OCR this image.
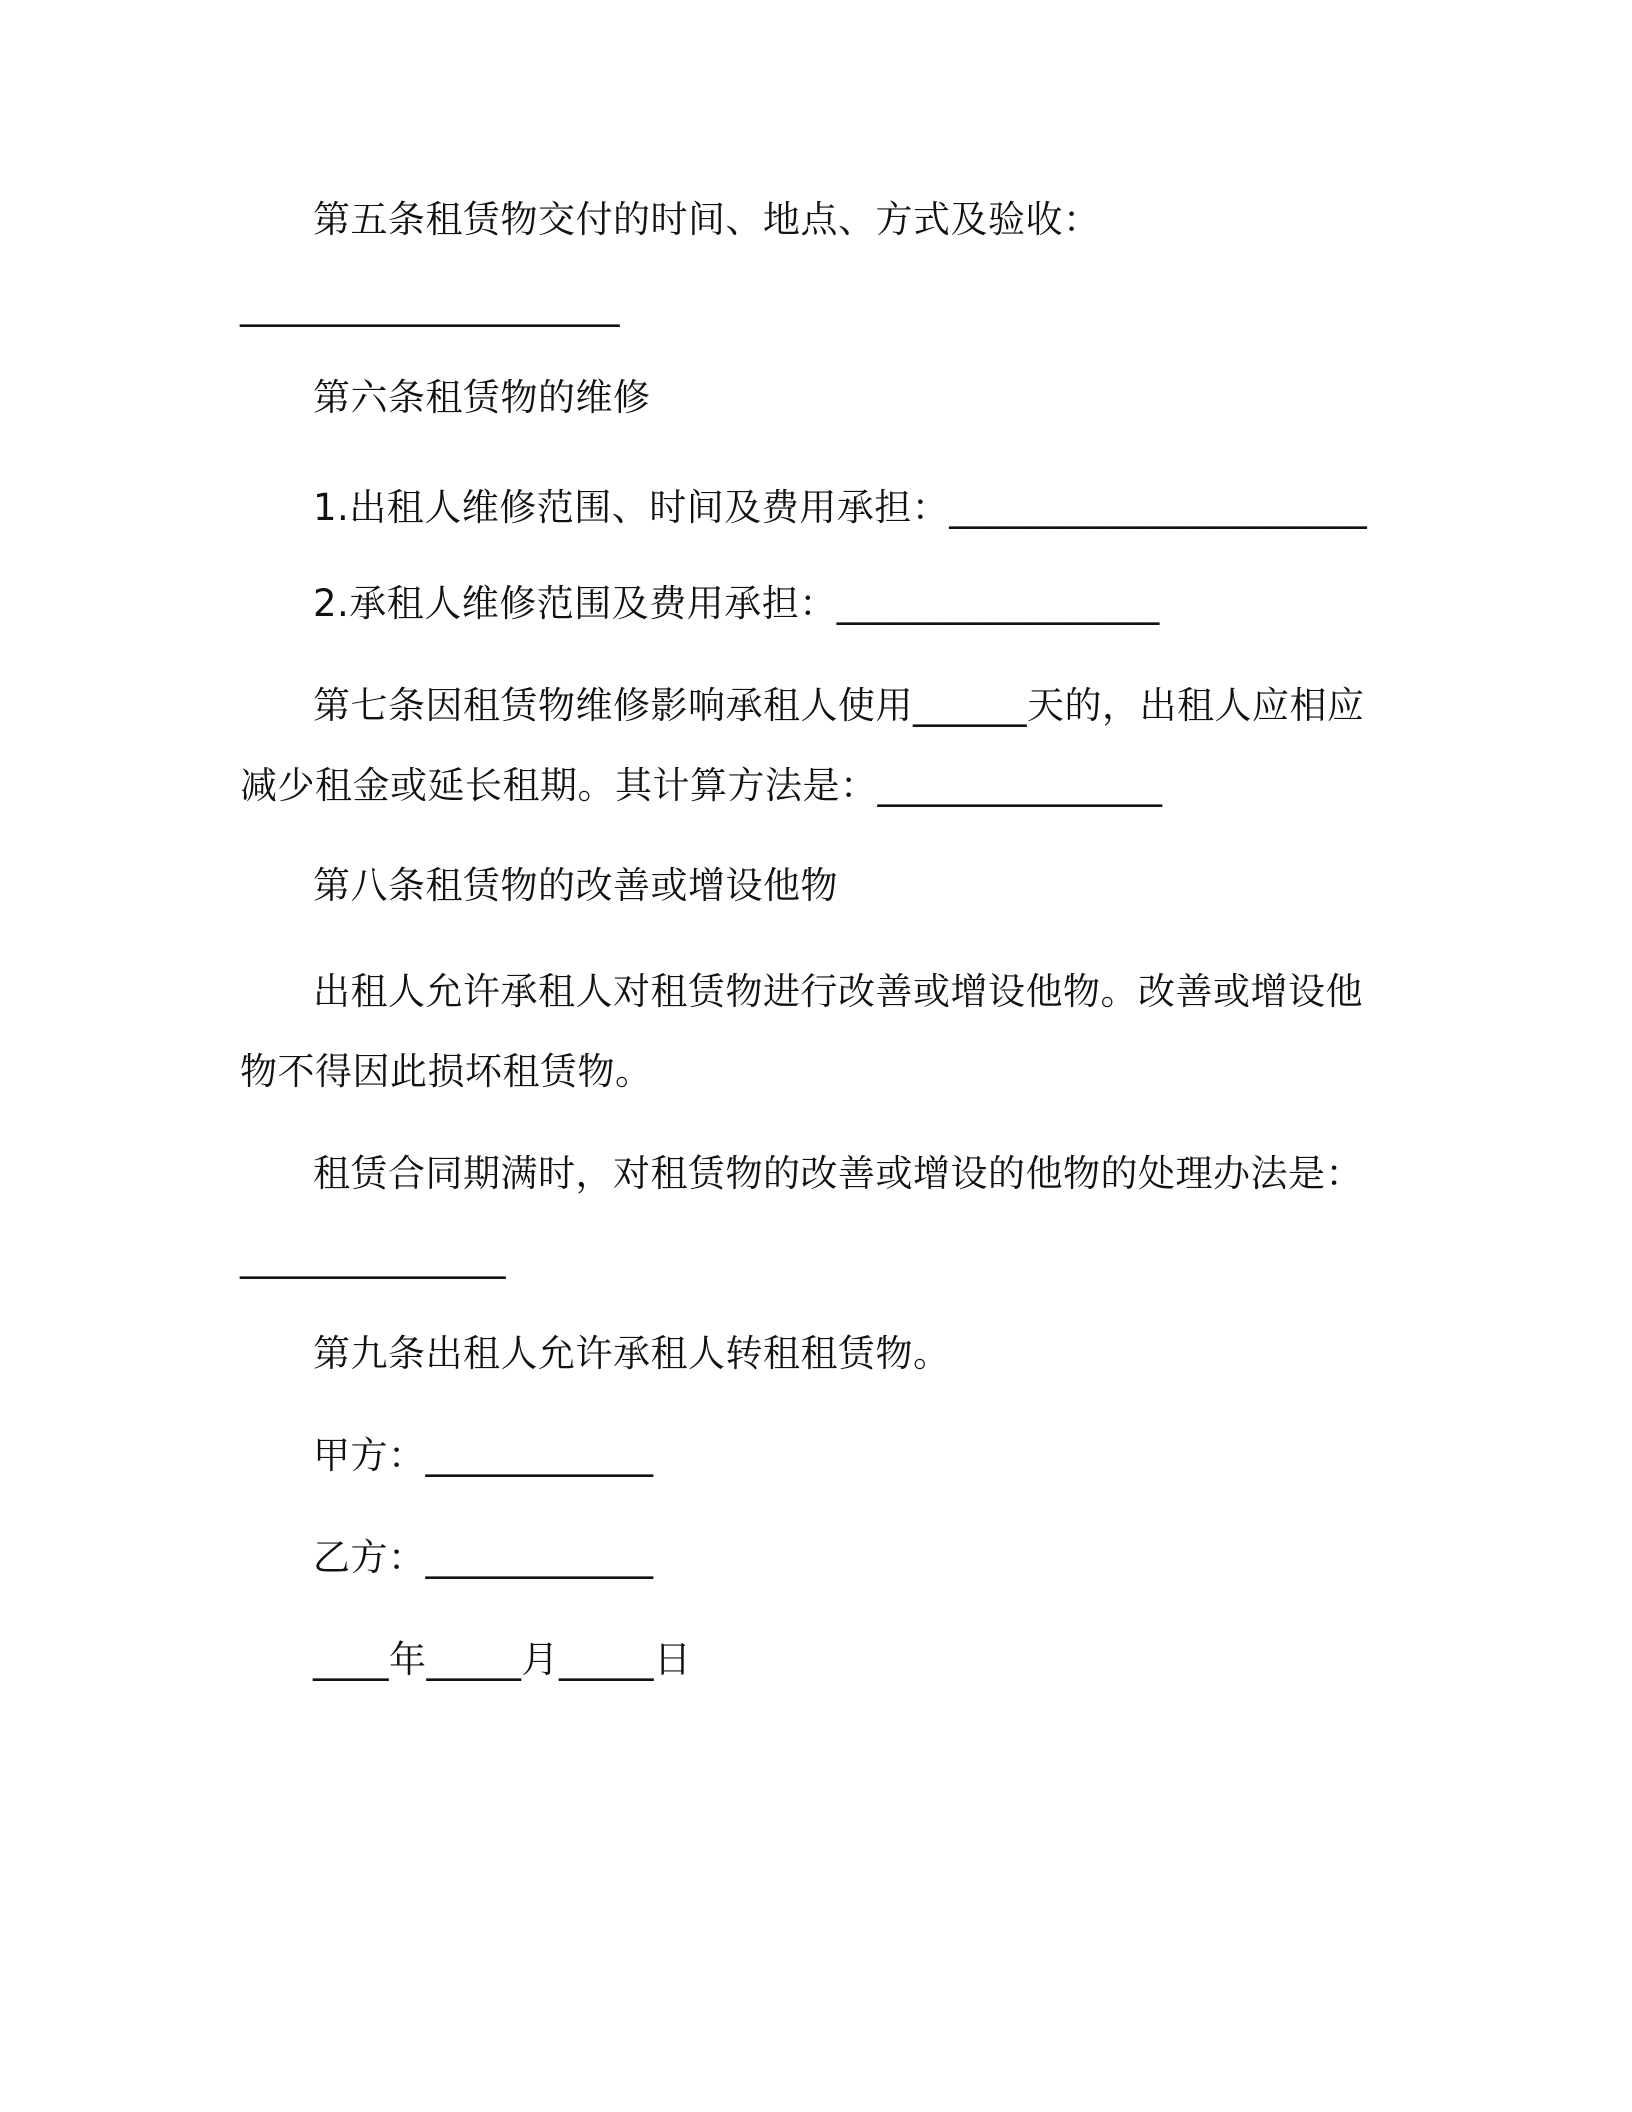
第五条租赁物交付的时间、地点、方式及验收：
____________________
第六条租赁物的维修
1.出租人维修范围、时间及费用承担：______________________
2.承租人维修范围及费用承担：_________________
第七条因租赁物维修影响承租人使用______天的，出租人应相应
减少租金或延长租期。其计算方法是：_______________
第八条租赁物的改善或增设他物
出租人允许承租人对租赁物进行改善或增设他物。改善或增设他
物不得因此损坏租赁物。
租赁合同期满时，对租赁物的改善或增设的他物的处理办法是：
______________
第九条出租人允许承租人转租租赁物。
甲方：____________
乙方：____________
____年_____月_____日
